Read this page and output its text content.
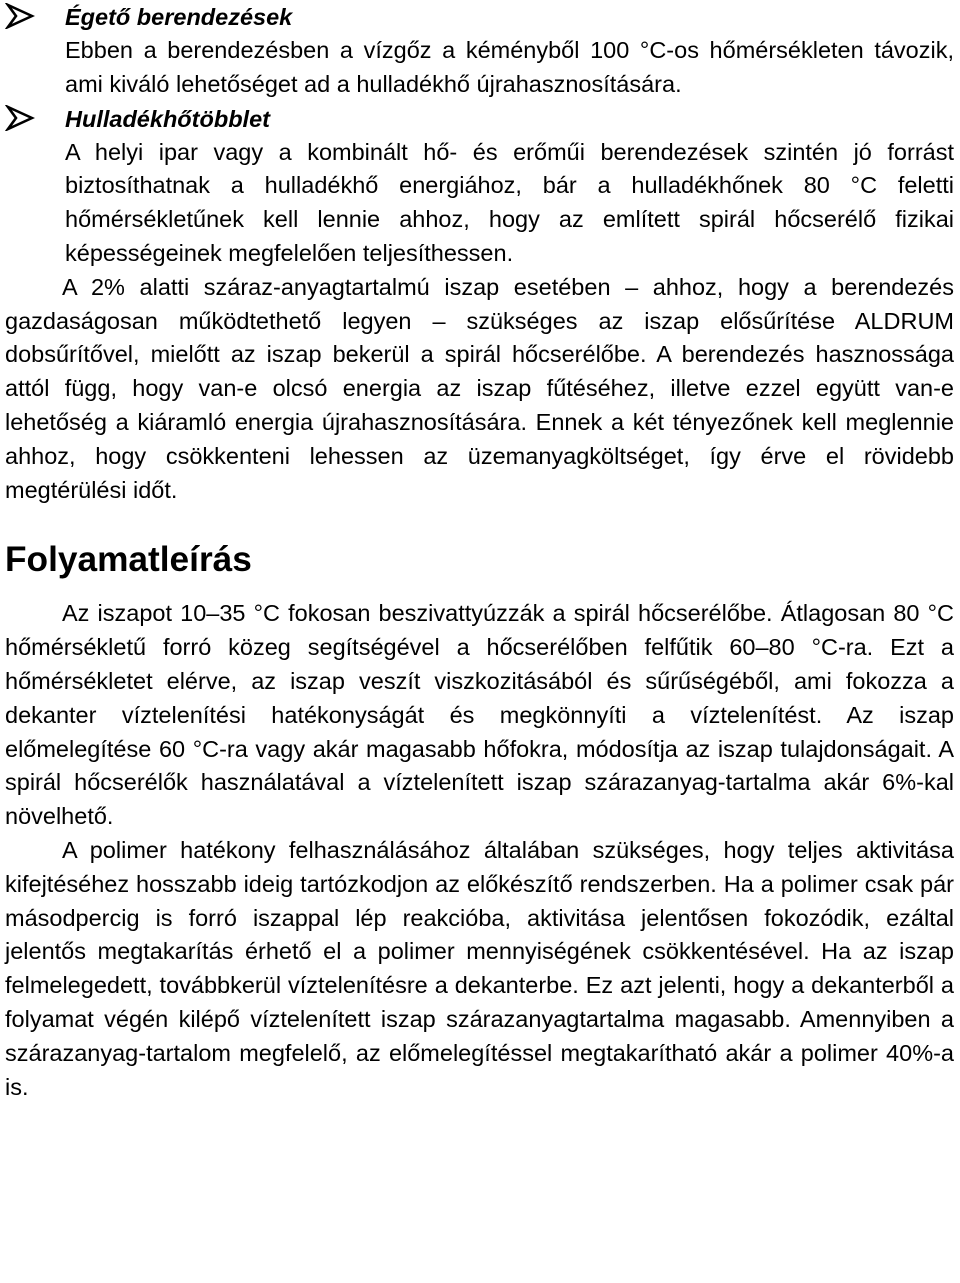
Égető berendezések

Ebben a berendezésben a vízgőz a kéményből 100 °C-os hőmérsékleten távozik, ami kiváló lehetőséget ad a hulladékhő újrahasznosítására.

Hulladékhőtöbblet

A helyi ipar vagy a kombinált hő- és erőműi berendezések szintén jó forrást biztosíthatnak a hulladékhő energiához, bár a hulladékhőnek 80 °C feletti hőmérsékletűnek kell lennie ahhoz, hogy az említett spirál hőcserélő fizikai képességeinek megfelelően teljesíthessen.

A 2% alatti száraz-anyagtartalmú iszap esetében – ahhoz, hogy a berendezés gazdaságosan működtethető legyen – szükséges az iszap elősűrítése ALDRUM dobsűrítővel, mielőtt az iszap bekerül a spirál hőcserélőbe. A berendezés hasznossága attól függ, hogy van-e olcsó energia az iszap fűtéséhez, illetve ezzel együtt van-e lehetőség a kiáramló energia újrahasznosítására. Ennek a két tényezőnek kell meglennie ahhoz, hogy csökkenteni lehessen az üzemanyagköltséget, így érve el rövidebb megtérülési időt.

Folyamatleírás

Az iszapot 10–35 °C fokosan beszivattyúzzák a spirál hőcserélőbe. Átlagosan 80 °C hőmérsékletű forró közeg segítségével a hőcserélőben felfűtik 60–80 °C-ra. Ezt a hőmérsékletet elérve, az iszap veszít viszkozitásából és sűrűségéből, ami fokozza a dekanter víztelenítési hatékonyságát és megkönnyíti a víztelenítést. Az iszap előmelegítése 60 °C-ra vagy akár magasabb hőfokra, módosítja az iszap tulajdonságait. A spirál hőcserélők használatával a víztelenített iszap szárazanyag-tartalma akár 6%-kal növelhető.

A polimer hatékony felhasználásához általában szükséges, hogy teljes aktivitása kifejtéséhez hosszabb ideig tartózkodjon az előkészítő rendszerben. Ha a polimer csak pár másodpercig is forró iszappal lép reakcióba, aktivitása jelentősen fokozódik, ezáltal jelentős megtakarítás érhető el a polimer mennyiségének csökkentésével. Ha az iszap felmelegedett, továbbkerül víztelenítésre a dekanterbe. Ez azt jelenti, hogy a dekanterből a folyamat végén kilépő víztelenített iszap szárazanyagtartalma magasabb. Amennyiben a szárazanyag-tartalom megfelelő, az előmelegítéssel megtakarítható akár a polimer 40%-a is.
